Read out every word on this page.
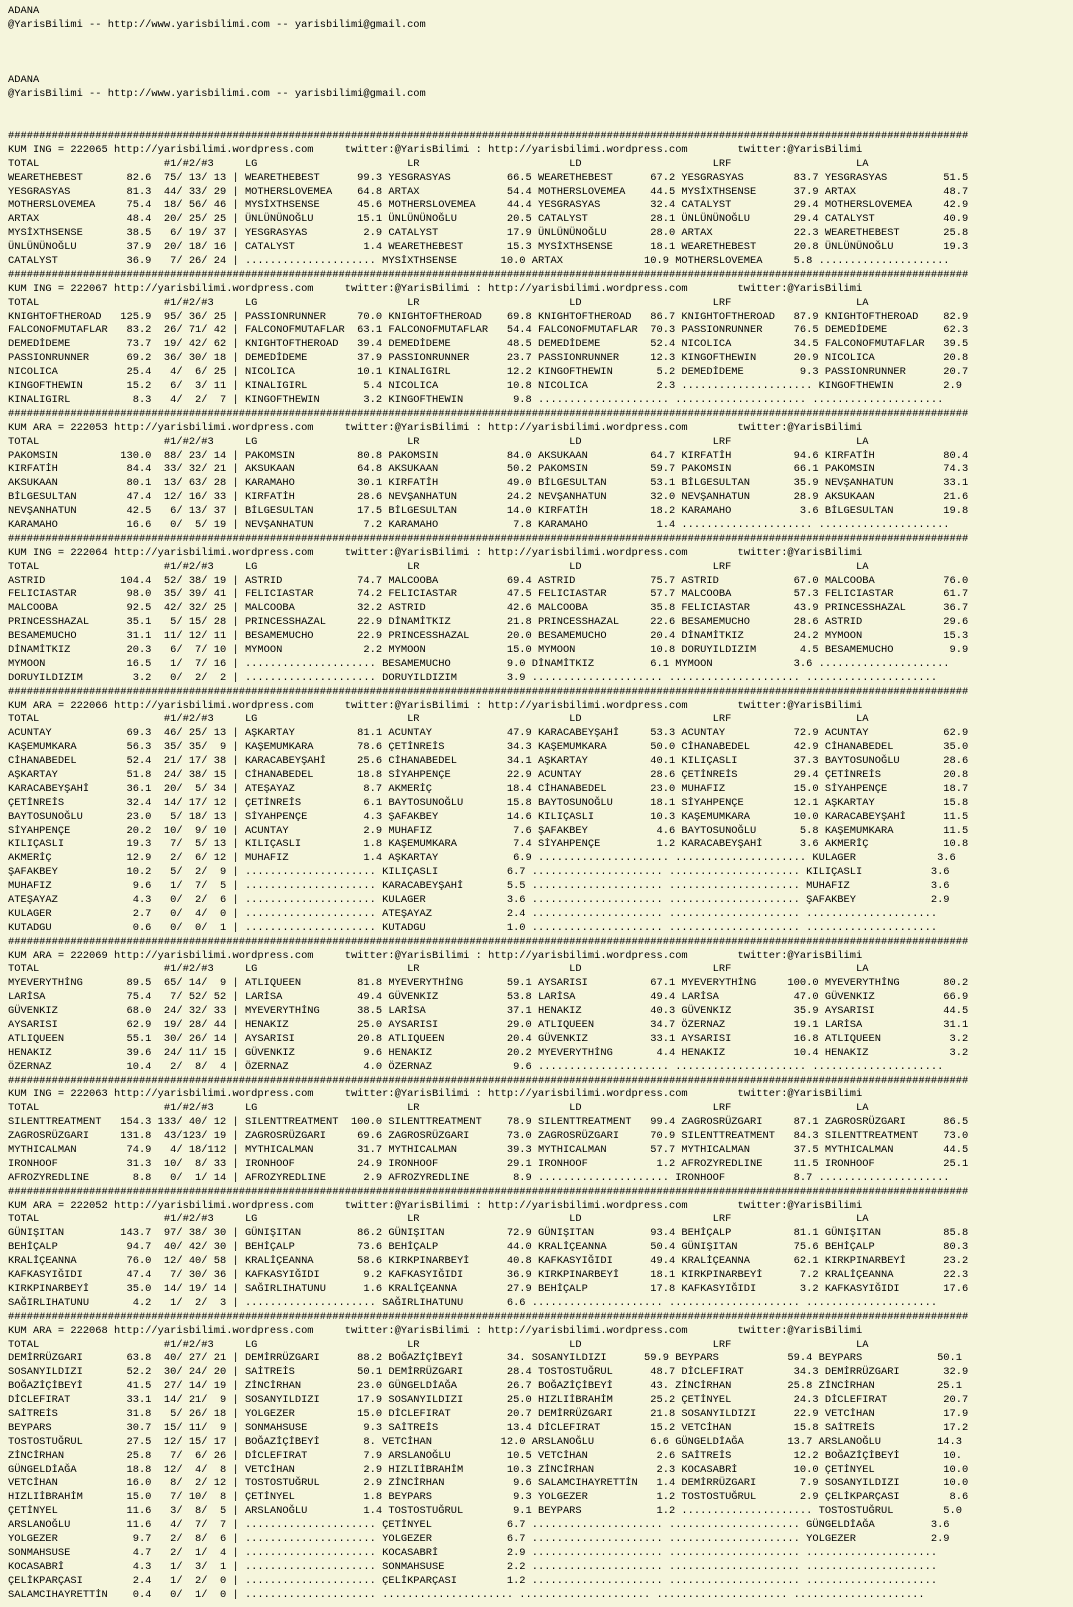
ADANA
@YarisBilimi -- http://www.yarisbilimi.com -- yarisbilimi@gmail.com
ADANA
@YarisBilimi -- http://www.yarisbilimi.com -- yarisbilimi@gmail.com
##########################################################################################################################################################
KUM ING = 222065 http://yarisbilimi.wordpress.com     twitter:@YarisBilimi : http://yarisbilimi.wordpress.com        twitter:@YarisBilimi
TOTAL                    #1/#2/#3     LG                        LR                        LD                     LRF                    LA
WEARETHEBEST       82.6  75/ 13/ 13 | WEARETHEBEST      99.3 YESGRASYAS         66.5 WEARETHEBEST      67.2 YESGRASYAS        83.7 YESGRASYAS         51.5
YESGRASYAS         81.3  44/ 33/ 29 | MOTHERSLOVEMEA    64.8 ARTAX              54.4 MOTHERSLOVEMEA    44.5 MYSİXTHSENSE      37.9 ARTAX              48.7
MOTHERSLOVEMEA     75.4  18/ 56/ 46 | MYSİXTHSENSE      45.6 MOTHERSLOVEMEA     44.4 YESGRASYAS        32.4 CATALYST          29.4 MOTHERSLOVEMEA     42.9
ARTAX              48.4  20/ 25/ 25 | ÜNLÜNÜNOĞLU       15.1 ÜNLÜNÜNOĞLU        20.5 CATALYST          28.1 ÜNLÜNÜNOĞLU       29.4 CATALYST           40.9
MYSİXTHSENSE       38.5   6/ 19/ 37 | YESGRASYAS         2.9 CATALYST           17.9 ÜNLÜNÜNOĞLU       28.0 ARTAX             22.3 WEARETHEBEST       25.8
ÜNLÜNÜNOĞLU        37.9  20/ 18/ 16 | CATALYST           1.4 WEARETHEBEST       15.3 MYSİXTHSENSE      18.1 WEARETHEBEST      20.8 ÜNLÜNÜNOĞLU        19.3
CATALYST           36.9   7/ 26/ 24 | ..................... MYSİXTHSENSE       10.0 ARTAX             10.9 MOTHERSLOVEMEA     5.8 .....................
##########################################################################################################################################################
KUM ING = 222067 http://yarisbilimi.wordpress.com     twitter:@YarisBilimi : http://yarisbilimi.wordpress.com        twitter:@YarisBilimi
TOTAL                    #1/#2/#3     LG                        LR                        LD                     LRF                    LA
KNIGHTOFTHEROAD   125.9  95/ 36/ 25 | PASSIONRUNNER     70.0 KNIGHTOFTHEROAD    69.8 KNIGHTOFTHEROAD   86.7 KNIGHTOFTHEROAD   87.9 KNIGHTOFTHEROAD    82.9
FALCONOFMUTAFLAR   83.2  26/ 71/ 42 | FALCONOFMUTAFLAR  63.1 FALCONOFMUTAFLAR   54.4 FALCONOFMUTAFLAR  70.3 PASSIONRUNNER     76.5 DEMEDİDEME         62.3
DEMEDİDEME         73.7  19/ 42/ 62 | KNIGHTOFTHEROAD   39.4 DEMEDİDEME         48.5 DEMEDİDEME        52.4 NICOLICA          34.5 FALCONOFMUTAFLAR   39.5
PASSIONRUNNER      69.2  36/ 30/ 18 | DEMEDİDEME        37.9 PASSIONRUNNER      23.7 PASSIONRUNNER     12.3 KINGOFTHEWIN      20.9 NICOLICA           20.8
NICOLICA           25.4   4/  6/ 25 | NICOLICA          10.1 KINALIGIRL         12.2 KINGOFTHEWIN       5.2 DEMEDİDEME         9.3 PASSIONRUNNER      20.7
KINGOFTHEWIN       15.2   6/  3/ 11 | KINALIGIRL         5.4 NICOLICA           10.8 NICOLICA           2.3 ..................... KINGOFTHEWIN        2.9
KINALIGIRL          8.3   4/  2/  7 | KINGOFTHEWIN       3.2 KINGOFTHEWIN        9.8 ..................... ..................... .....................
##########################################################################################################################################################
KUM ARA = 222053 http://yarisbilimi.wordpress.com     twitter:@YarisBilimi : http://yarisbilimi.wordpress.com        twitter:@YarisBilimi
TOTAL                    #1/#2/#3     LG                        LR                        LD                     LRF                    LA
PAKOMSIN          130.0  88/ 23/ 14 | PAKOMSIN          80.8 PAKOMSIN           84.0 AKSUKAAN          64.7 KIRFATİH          94.6 KIRFATİH           80.4
KIRFATİH           84.4  33/ 32/ 21 | AKSUKAAN          64.8 AKSUKAAN           50.2 PAKOMSIN          59.7 PAKOMSIN          66.1 PAKOMSIN           74.3
AKSUKAAN           80.1  13/ 63/ 28 | KARAMAHO          30.1 KIRFATİH           49.0 BİLGESULTAN       53.1 BİLGESULTAN       35.9 NEVŞANHATUN        33.1
BİLGESULTAN        47.4  12/ 16/ 33 | KIRFATİH          28.6 NEVŞANHATUN        24.2 NEVŞANHATUN       32.0 NEVŞANHATUN       28.9 AKSUKAAN           21.6
NEVŞANHATUN        42.5   6/ 13/ 37 | BİLGESULTAN       17.5 BİLGESULTAN        14.0 KIRFATİH          18.2 KARAMAHO           3.6 BİLGESULTAN        19.8
KARAMAHO           16.6   0/  5/ 19 | NEVŞANHATUN        7.2 KARAMAHO            7.8 KARAMAHO           1.4 ..................... .....................
##########################################################################################################################################################
KUM ING = 222064 http://yarisbilimi.wordpress.com     twitter:@YarisBilimi : http://yarisbilimi.wordpress.com        twitter:@YarisBilimi
TOTAL                    #1/#2/#3     LG                        LR                        LD                     LRF                    LA
ASTRID            104.4  52/ 38/ 19 | ASTRID            74.7 MALCOOBA           69.4 ASTRID            75.7 ASTRID            67.0 MALCOOBA           76.0
FELICIASTAR        98.0  35/ 39/ 41 | FELICIASTAR       74.2 FELICIASTAR        47.5 FELICIASTAR       57.7 MALCOOBA          57.3 FELICIASTAR        61.7
MALCOOBA           92.5  42/ 32/ 25 | MALCOOBA          32.2 ASTRID             42.6 MALCOOBA          35.8 FELICIASTAR       43.9 PRINCESSHAZAL      36.7
PRINCESSHAZAL      35.1   5/ 15/ 28 | PRINCESSHAZAL     22.9 DİNAMİTKIZ         21.8 PRINCESSHAZAL     22.6 BESAMEMUCHO       28.6 ASTRID             29.6
BESAMEMUCHO        31.1  11/ 12/ 11 | BESAMEMUCHO       22.9 PRINCESSHAZAL      20.0 BESAMEMUCHO       20.4 DİNAMİTKIZ        24.2 MYMOON             15.3
DİNAMİTKIZ         20.3   6/  7/ 10 | MYMOON             2.2 MYMOON             15.0 MYMOON            10.8 DORUYILDIZIM       4.5 BESAMEMUCHO         9.9
MYMOON             16.5   1/  7/ 16 | ..................... BESAMEMUCHO         9.0 DİNAMİTKIZ         6.1 MYMOON             3.6 .....................
DORUYILDIZIM        3.2   0/  2/  2 | ..................... DORUYILDIZIM        3.9 ..................... ..................... .....................
##########################################################################################################################################################
KUM ARA = 222066 http://yarisbilimi.wordpress.com     twitter:@YarisBilimi : http://yarisbilimi.wordpress.com        twitter:@YarisBilimi
TOTAL                    #1/#2/#3     LG                        LR                        LD                     LRF                    LA
ACUNTAY            69.3  46/ 25/ 13 | AŞKARTAY          81.1 ACUNTAY            47.9 KARACABEYŞAHİ     53.3 ACUNTAY           72.9 ACUNTAY            62.9
KAŞEMUMKARA        56.3  35/ 35/  9 | KAŞEMUMKARA       78.6 ÇETİNREİS          34.3 KAŞEMUMKARA       50.0 CİHANABEDEL       42.9 CİHANABEDEL        35.0
CİHANABEDEL        52.4  21/ 17/ 38 | KARACABEYŞAHİ     25.6 CİHANABEDEL        34.1 AŞKARTAY          40.1 KILIÇASLI         37.3 BAYTOSUNOĞLU       28.6
AŞKARTAY           51.8  24/ 38/ 15 | CİHANABEDEL       18.8 SİYAHPENÇE         22.9 ACUNTAY           28.6 ÇETİNREİS         29.4 ÇETİNREİS          20.8
KARACABEYŞAHİ      36.1  20/  5/ 34 | ATEŞAYAZ           8.7 AKMERİÇ            18.4 CİHANABEDEL       23.0 MUHAFIZ           15.0 SİYAHPENÇE         18.7
ÇETİNREİS          32.4  14/ 17/ 12 | ÇETİNREİS          6.1 BAYTOSUNOĞLU       15.8 BAYTOSUNOĞLU      18.1 SİYAHPENÇE        12.1 AŞKARTAY           15.8
BAYTOSUNOĞLU       23.0   5/ 18/ 13 | SİYAHPENÇE         4.3 ŞAFAKBEY           14.6 KILIÇASLI         10.3 KAŞEMUMKARA       10.0 KARACABEYŞAHİ      11.5
SİYAHPENÇE         20.2  10/  9/ 10 | ACUNTAY            2.9 MUHAFIZ             7.6 ŞAFAKBEY           4.6 BAYTOSUNOĞLU       5.8 KAŞEMUMKARA        11.5
KILIÇASLI          19.3   7/  5/ 13 | KILIÇASLI          1.8 KAŞEMUMKARA         7.4 SİYAHPENÇE         1.2 KARACABEYŞAHİ      3.6 AKMERİÇ            10.8
AKMERİÇ            12.9   2/  6/ 12 | MUHAFIZ            1.4 AŞKARTAY            6.9 ..................... ..................... KULAGER             3.6
ŞAFAKBEY           10.2   5/  2/  9 | ..................... KILIÇASLI           6.7 ..................... ..................... KILIÇASLI           3.6
MUHAFIZ             9.6   1/  7/  5 | ..................... KARACABEYŞAHİ       5.5 ..................... ..................... MUHAFIZ             3.6
ATEŞAYAZ            4.3   0/  2/  6 | ..................... KULAGER             3.6 ..................... ..................... ŞAFAKBEY            2.9
KULAGER             2.7   0/  4/  0 | ..................... ATEŞAYAZ            2.4 ..................... ..................... .....................
KUTADGU             0.6   0/  0/  1 | ..................... KUTADGU             1.0 ..................... ..................... .....................
##########################################################################################################################################################
KUM ARA = 222069 http://yarisbilimi.wordpress.com     twitter:@YarisBilimi : http://yarisbilimi.wordpress.com        twitter:@YarisBilimi
TOTAL                    #1/#2/#3     LG                        LR                        LD                     LRF                    LA
MYEVERYTHİNG       89.5  65/ 14/  9 | ATLIQUEEN         81.8 MYEVERYTHİNG       59.1 AYSARISI          67.1 MYEVERYTHİNG     100.0 MYEVERYTHİNG       80.2
LARİSA             75.4   7/ 52/ 52 | LARİSA            49.4 GÜVENKIZ           53.8 LARİSA            49.4 LARİSA            47.0 GÜVENKIZ           66.9
GÜVENKIZ           68.0  24/ 32/ 33 | MYEVERYTHİNG      38.5 LARİSA             37.1 HENAKIZ           40.3 GÜVENKIZ          35.9 AYSARISI           44.5
AYSARISI           62.9  19/ 28/ 44 | HENAKIZ           25.0 AYSARISI           29.0 ATLIQUEEN         34.7 ÖZERNAZ           19.1 LARİSA             31.1
ATLIQUEEN          55.1  30/ 26/ 14 | AYSARISI          20.8 ATLIQUEEN          20.4 GÜVENKIZ          33.1 AYSARISI          16.8 ATLIQUEEN           3.2
HENAKIZ            39.6  24/ 11/ 15 | GÜVENKIZ           9.6 HENAKIZ            20.2 MYEVERYTHİNG       4.4 HENAKIZ           10.4 HENAKIZ             3.2
ÖZERNAZ            10.4   2/  8/  4 | ÖZERNAZ            4.0 ÖZERNAZ             9.6 ..................... ..................... .....................
##########################################################################################################################################################
KUM ING = 222063 http://yarisbilimi.wordpress.com     twitter:@YarisBilimi : http://yarisbilimi.wordpress.com        twitter:@YarisBilimi
TOTAL                    #1/#2/#3     LG                        LR                        LD                     LRF                    LA
SILENTTREATMENT   154.3 133/ 40/ 12 | SILENTTREATMENT  100.0 SILENTTREATMENT    78.9 SILENTTREATMENT   99.4 ZAGROSRÜZGARI     87.1 ZAGROSRÜZGARI      86.5
ZAGROSRÜZGARI     131.8  43/123/ 19 | ZAGROSRÜZGARI     69.6 ZAGROSRÜZGARI      73.0 ZAGROSRÜZGARI     70.9 SILENTTREATMENT   84.3 SILENTTREATMENT    73.0
MYTHICALMAN        74.9   4/ 18/112 | MYTHICALMAN       31.7 MYTHICALMAN        39.3 MYTHICALMAN       57.7 MYTHICALMAN       37.5 MYTHICALMAN        44.5
IRONHOOF           31.3  10/  8/ 33 | IRONHOOF          24.9 IRONHOOF           29.1 IRONHOOF           1.2 AFROZYREDLINE     11.5 IRONHOOF           25.1
AFROZYREDLINE       8.8   0/  1/ 14 | AFROZYREDLINE      2.9 AFROZYREDLINE       8.9 ..................... IRONHOOF           8.7 .....................
##########################################################################################################################################################
KUM ARA = 222052 http://yarisbilimi.wordpress.com     twitter:@YarisBilimi : http://yarisbilimi.wordpress.com        twitter:@YarisBilimi
TOTAL                    #1/#2/#3     LG                        LR                        LD                     LRF                    LA
GÜNIŞITAN         143.7  97/ 38/ 30 | GÜNIŞITAN         86.2 GÜNIŞITAN          72.9 GÜNIŞITAN         93.4 BEHİÇALP          81.1 GÜNIŞITAN          85.8
BEHİÇALP           94.7  40/ 42/ 30 | BEHİÇALP          73.6 BEHİÇALP           44.0 KRALİÇEANNA       50.4 GÜNIŞITAN         75.6 BEHİÇALP           80.3
KRALİÇEANNA        76.0  12/ 40/ 58 | KRALİÇEANNA       58.6 KIRKPINARBEYİ      40.8 KAFKASYIĞIDI      49.4 KRALİÇEANNA       62.1 KIRKPINARBEYİ      23.2
KAFKASYIĞIDI       47.4   7/ 30/ 36 | KAFKASYIĞIDI       9.2 KAFKASYIĞIDI       36.9 KIRKPINARBEYİ     18.1 KIRKPINARBEYİ      7.2 KRALİÇEANNA        22.3
KIRKPINARBEYİ      35.0  14/ 19/ 14 | SAĞIRLIHATUNU      1.6 KRALİÇEANNA        27.9 BEHİÇALP          17.8 KAFKASYIĞIDI       3.2 KAFKASYIĞIDI       17.6
SAĞIRLIHATUNU       4.2   1/  2/  3 | ..................... SAĞIRLIHATUNU       6.6 ..................... ..................... .....................
##########################################################################################################################################################
KUM ARA = 222068 http://yarisbilimi.wordpress.com     twitter:@YarisBilimi : http://yarisbilimi.wordpress.com        twitter:@YarisBilimi
TOTAL                    #1/#2/#3     LG                        LR                        LD                     LRF                    LA
DEMİRRÜZGARI       63.8  40/ 27/ 21 | DEMİRRÜZGARI      88.2 BOĞAZİÇİBEYİ       34. SOSANYILDIZI      59.9 BEYPARS           59.4 BEYPARS            50.1
SOSANYILDIZI       52.2  30/ 24/ 20 | SAİTREİS          50.1 DEMİRRÜZGARI       28.4 TOSTOSTUĞRUL      48.7 DİCLEFIRAT        34.3 DEMİRRÜZGARI       32.9
BOĞAZİÇİBEYİ       41.5  27/ 14/ 19 | ZİNCİRHAN         23.0 GÜNGELDİAĞA        26.7 BOĞAZİÇİBEYİ      43. ZİNCİRHAN         25.8 ZİNCİRHAN          25.1
DİCLEFIRAT         33.1  14/ 21/  9 | SOSANYILDIZI      17.9 SOSANYILDIZI       25.0 HIZLIİBRAHİM      25.2 ÇETİNYEL          24.3 DİCLEFIRAT         20.7
SAİTREİS           31.8   5/ 26/ 18 | YOLGEZER          15.0 DİCLEFIRAT         20.7 DEMİRRÜZGARI      21.8 SOSANYILDIZI      22.9 VETCİHAN           17.9
BEYPARS            30.7  15/ 11/  9 | SONMAHSUSE         9.3 SAİTREİS           13.4 DİCLEFIRAT        15.2 VETCİHAN          15.8 SAİTREİS           17.2
TOSTOSTUĞRUL       27.5  12/ 15/ 17 | BOĞAZİÇİBEYİ       8. VETCİHAN           12.0 ARSLANOĞLU         6.6 GÜNGELDİAĞA       13.7 ARSLANOĞLU         14.3
ZİNCİRHAN          25.8   7/  6/ 26 | DİCLEFIRAT         7.9 ARSLANOĞLU         10.5 VETCİHAN           2.6 SAİTREİS          12.2 BOĞAZİÇİBEYİ       10.
GÜNGELDİAĞA        18.8  12/  4/  8 | VETCİHAN           2.9 HIZLIİBRAHİM       10.3 ZİNCİRHAN          2.3 KOCASABRİ         10.0 ÇETİNYEL           10.0
VETCİHAN           16.0   8/  2/ 12 | TOSTOSTUĞRUL       2.9 ZİNCİRHAN           9.6 SALAMCIHAYRETTİN   1.4 DEMİRRÜZGARI       7.9 SOSANYILDIZI       10.0
HIZLIİBRAHİM       15.0   7/ 10/  8 | ÇETİNYEL           1.8 BEYPARS             9.3 YOLGEZER           1.2 TOSTOSTUĞRUL       2.9 ÇELİKPARÇASI        8.6
ÇETİNYEL           11.6   3/  8/  5 | ARSLANOĞLU         1.4 TOSTOSTUĞRUL        9.1 BEYPARS            1.2 ..................... TOSTOSTUĞRUL        5.0
ARSLANOĞLU         11.6   4/  7/  7 | ..................... ÇETİNYEL            6.7 ..................... ..................... GÜNGELDİAĞA         3.6
YOLGEZER            9.7   2/  8/  6 | ..................... YOLGEZER            6.7 ..................... ..................... YOLGEZER            2.9
SONMAHSUSE          4.7   2/  1/  4 | ..................... KOCASABRİ           2.9 ..................... ..................... .....................
KOCASABRİ           4.3   1/  3/  1 | ..................... SONMAHSUSE          2.2 ..................... ..................... .....................
ÇELİKPARÇASI        2.4   1/  2/  0 | ..................... ÇELİKPARÇASI        1.2 ..................... ..................... .....................
SALAMCIHAYRETTİN    0.4   0/  1/  0 | ..................... ..................... ..................... ..................... .....................
